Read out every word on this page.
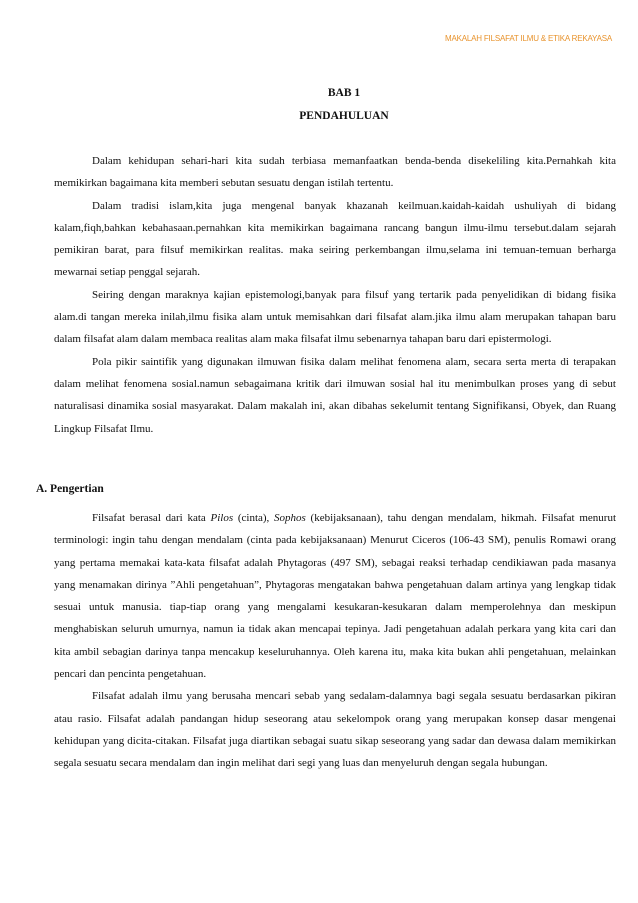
MAKALAH FILSAFAT ILMU & ETIKA REKAYASA
BAB 1
PENDAHULUAN

Dalam kehidupan sehari-hari kita sudah terbiasa memanfaatkan benda-benda disekeliling kita.Pernahkah kita memikirkan bagaimana kita memberi sebutan sesuatu dengan istilah tertentu.

Dalam tradisi islam,kita juga mengenal banyak khazanah keilmuan.kaidah-kaidah ushuliyah di bidang kalam,fiqh,bahkan kebahasaan.pernahkan kita memikirkan bagaimana rancang bangun ilmu-ilmu tersebut.dalam sejarah pemikiran barat, para filsuf memikirkan realitas. maka seiring perkembangan ilmu,selama ini temuan-temuan berharga mewarnai setiap penggal sejarah.

Seiring dengan maraknya kajian epistemologi,banyak para filsuf yang tertarik pada penyelidikan di bidang fisika alam.di tangan mereka inilah,ilmu fisika alam untuk memisahkan dari filsafat alam.jika ilmu alam merupakan tahapan baru dalam filsafat alam dalam membaca realitas alam maka filsafat ilmu sebenarnya tahapan baru dari epistermologi.

Pola pikir saintifik yang digunakan ilmuwan fisika dalam melihat fenomena alam, secara serta merta di terapakan dalam melihat fenomena sosial.namun sebagaimana kritik dari ilmuwan sosial hal itu menimbulkan proses yang di sebut naturalisasi dinamika sosial masyarakat. Dalam makalah ini, akan dibahas sekelumit tentang Signifikansi, Obyek, dan Ruang Lingkup Filsafat Ilmu.

A. Pengertian

Filsafat berasal dari kata Pilos (cinta), Sophos (kebijaksanaan), tahu dengan mendalam, hikmah. Filsafat menurut terminologi: ingin tahu dengan mendalam (cinta pada kebijaksanaan) Menurut Ciceros (106-43 SM), penulis Romawi orang yang pertama memakai kata-kata filsafat adalah Phytagoras (497 SM), sebagai reaksi terhadap cendikiawan pada masanya yang menamakan dirinya ”Ahli pengetahuan”, Phytagoras mengatakan bahwa pengetahuan dalam artinya yang lengkap tidak sesuai untuk manusia. tiap-tiap orang yang mengalami kesukaran-kesukaran dalam memperolehnya dan meskipun menghabiskan seluruh umurnya, namun ia tidak akan mencapai tepinya. Jadi pengetahuan adalah perkara yang kita cari dan kita ambil sebagian darinya tanpa mencakup keseluruhannya. Oleh karena itu, maka kita bukan ahli pengetahuan, melainkan pencari dan pencinta pengetahuan.

Filsafat adalah ilmu yang berusaha mencari sebab yang sedalam-dalamnya bagi segala sesuatu berdasarkan pikiran atau rasio. Filsafat adalah pandangan hidup seseorang atau sekelompok orang yang merupakan konsep dasar mengenai kehidupan yang dicita-citakan. Filsafat juga diartikan sebagai suatu sikap seseorang yang sadar dan dewasa dalam memikirkan segala sesuatu secara mendalam dan ingin melihat dari segi yang luas dan menyeluruh dengan segala hubungan.
